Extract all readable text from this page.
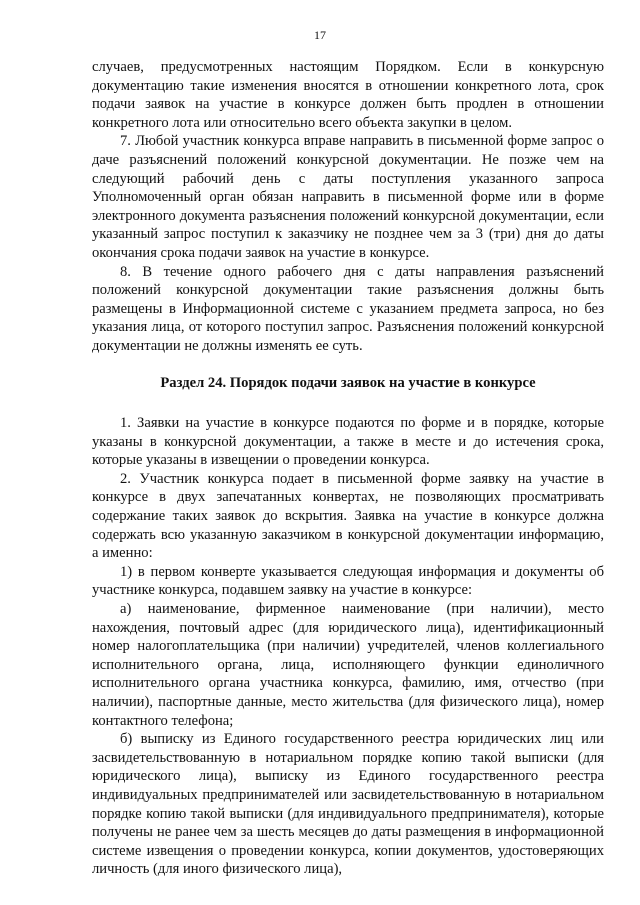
17

случаев, предусмотренных настоящим Порядком. Если в конкурсную документацию такие изменения вносятся в отношении конкретного лота, срок подачи заявок на участие в конкурсе должен быть продлен в отношении конкретного лота или относительно всего объекта закупки в целом.

7. Любой участник конкурса вправе направить в письменной форме запрос о даче разъяснений положений конкурсной документации. Не позже чем на следующий рабочий день с даты поступления указанного запроса Уполномоченный орган обязан направить в письменной форме или в форме электронного документа разъяснения положений конкурсной документации, если указанный запрос поступил к заказчику не позднее чем за 3 (три) дня до даты окончания срока подачи заявок на участие в конкурсе.

8. В течение одного рабочего дня с даты направления разъяснений положений конкурсной документации такие разъяснения должны быть размещены в Информационной системе с указанием предмета запроса, но без указания лица, от которого поступил запрос. Разъяснения положений конкурсной документации не должны изменять ее суть.

Раздел 24. Порядок подачи заявок на участие в конкурсе

1. Заявки на участие в конкурсе подаются по форме и в порядке, которые указаны в конкурсной документации, а также в месте и до истечения срока, которые указаны в извещении о проведении конкурса.

2. Участник конкурса подает в письменной форме заявку на участие в конкурсе в двух запечатанных конвертах, не позволяющих просматривать содержание таких заявок до вскрытия. Заявка на участие в конкурсе должна содержать всю указанную заказчиком в конкурсной документации информацию, а именно:

1) в первом конверте указывается следующая информация и документы об участнике конкурса, подавшем заявку на участие в конкурсе:

а) наименование, фирменное наименование (при наличии), место нахождения, почтовый адрес (для юридического лица), идентификационный номер налогоплательщика (при наличии) учредителей, членов коллегиального исполнительного органа, лица, исполняющего функции единоличного исполнительного органа участника конкурса, фамилию, имя, отчество (при наличии), паспортные данные, место жительства (для физического лица), номер контактного телефона;

б) выписку из Единого государственного реестра юридических лиц или засвидетельствованную в нотариальном порядке копию такой выписки (для юридического лица), выписку из Единого государственного реестра индивидуальных предпринимателей или засвидетельствованную в нотариальном порядке копию такой выписки (для индивидуального предпринимателя), которые получены не ранее чем за шесть месяцев до даты размещения в информационной системе извещения о проведении конкурса, копии документов, удостоверяющих личность (для иного физического лица),
